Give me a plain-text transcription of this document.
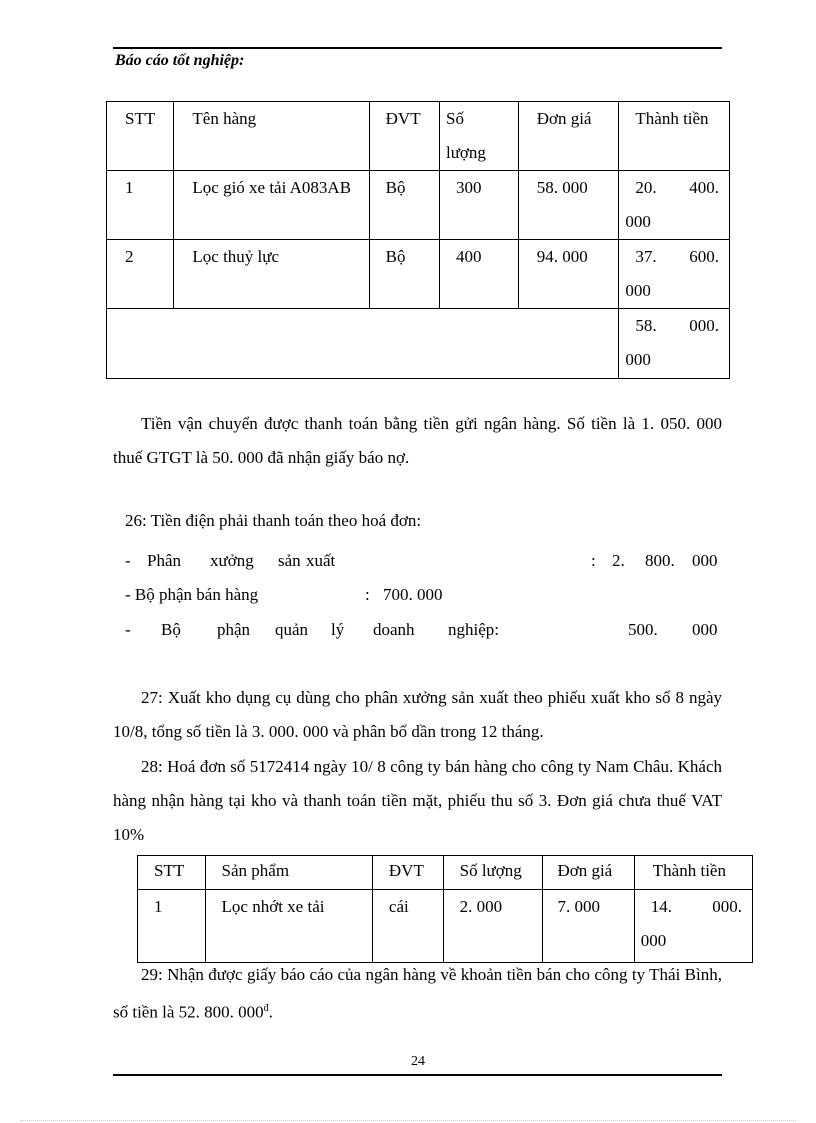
Báo cáo tốt nghiệp:
STT	Tên hàng	ĐVT	Số lượng	Đơn giá	Thành tiền
1	Lọc gió xe tải A083AB	Bộ	300	58. 000	20. 400.
000

2	Lọc thuỷ lực	Bộ	400	94. 000	37. 600.
000

					58. 000.
000
Tiền vận chuyển được thanh toán bằng tiền gửi ngân hàng. Số tiền là 1. 050. 000 thuế GTGT là 50. 000 đã nhận giấy báo nợ.
26: Tiền điện phải thanh toán theo hoá đơn:
- Phân xưởng sản xuất	: 2. 800. 000
- Bộ phận bán hàng	: 700. 000
- Bộ phận quản lý doanh nghiệp:	500. 000
27: Xuất kho dụng cụ dùng cho phân xưởng sản xuất theo phiếu xuất kho số 8 ngày 10/8, tổng số tiền là 3. 000. 000 và phân bổ dần trong 12 tháng.
28: Hoá đơn số 5172414 ngày 10/ 8 công ty bán hàng cho công ty Nam Châu. Khách hàng nhận hàng tại kho và thanh toán tiền mặt, phiếu thu số 3. Đơn giá chưa thuế VAT 10%
STT	Sản phẩm	ĐVT	Số lượng	Đơn giá	Thành tiền
1	Lọc nhớt xe tải	cái	2. 000	7. 000	14. 000.
000
29: Nhận được giấy báo cáo của ngân hàng về khoản tiền bán cho công ty Thái Bình, số tiền là 52. 800. $000^đ$.
24
